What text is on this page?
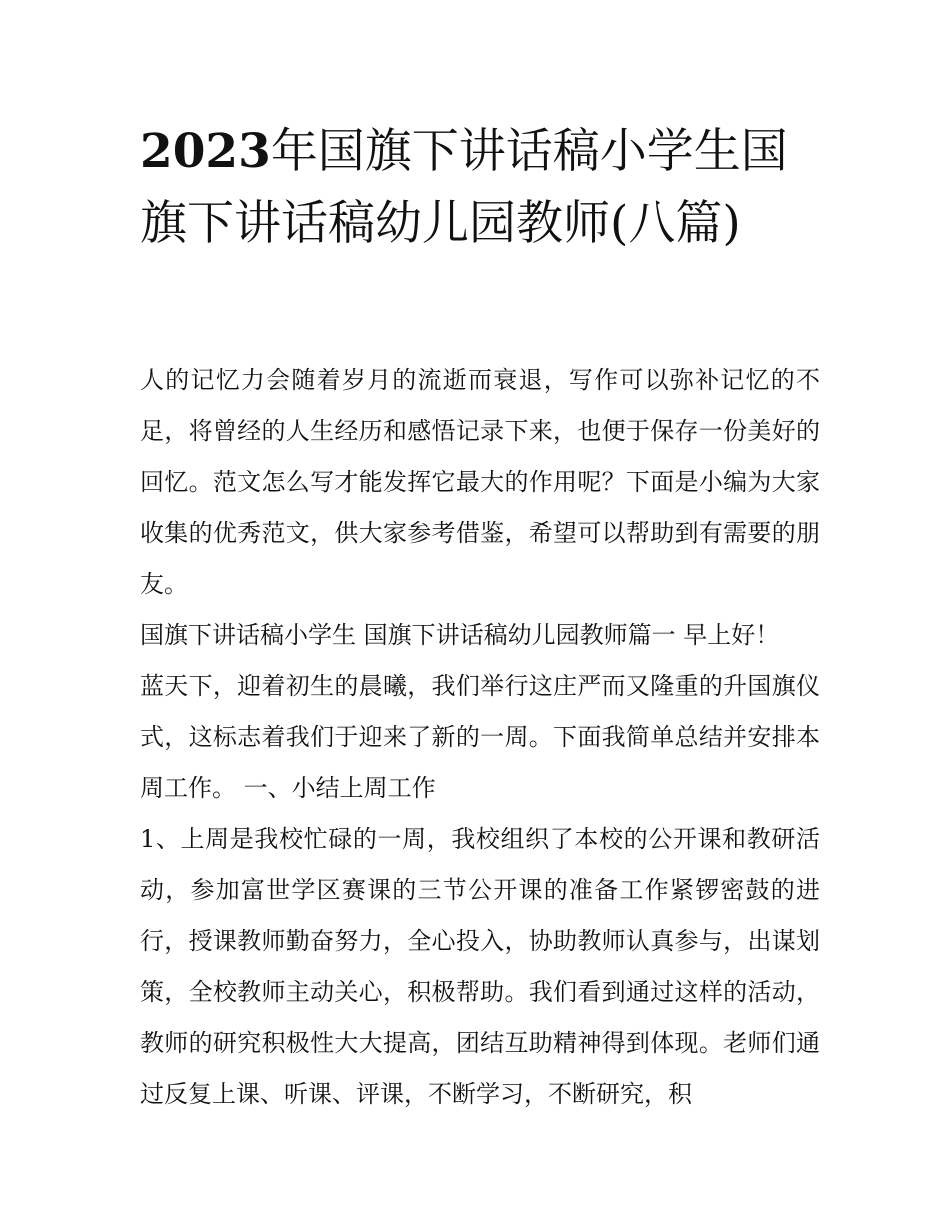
2023年国旗下讲话稿小学生国旗下讲话稿幼儿园教师(八篇)

人的记忆力会随着岁月的流逝而衰退，写作可以弥补记忆的不足，将曾经的人生经历和感悟记录下来，也便于保存一份美好的回忆。范文怎么写才能发挥它最大的作用呢？下面是小编为大家收集的优秀范文，供大家参考借鉴，希望可以帮助到有需要的朋友。

国旗下讲话稿小学生 国旗下讲话稿幼儿园教师篇一 早上好！

蓝天下，迎着初生的晨曦，我们举行这庄严而又隆重的升国旗仪式，这标志着我们于迎来了新的一周。下面我简单总结并安排本周工作。 一、小结上周工作

1、上周是我校忙碌的一周，我校组织了本校的公开课和教研活动，参加富世学区赛课的三节公开课的准备工作紧锣密鼓的进行，授课教师勤奋努力，全心投入，协助教师认真参与，出谋划策，全校教师主动关心，积极帮助。我们看到通过这样的活动，教师的研究积极性大大提高，团结互助精神得到体现。老师们通过反复上课、听课、评课，不断学习，不断研究，积
